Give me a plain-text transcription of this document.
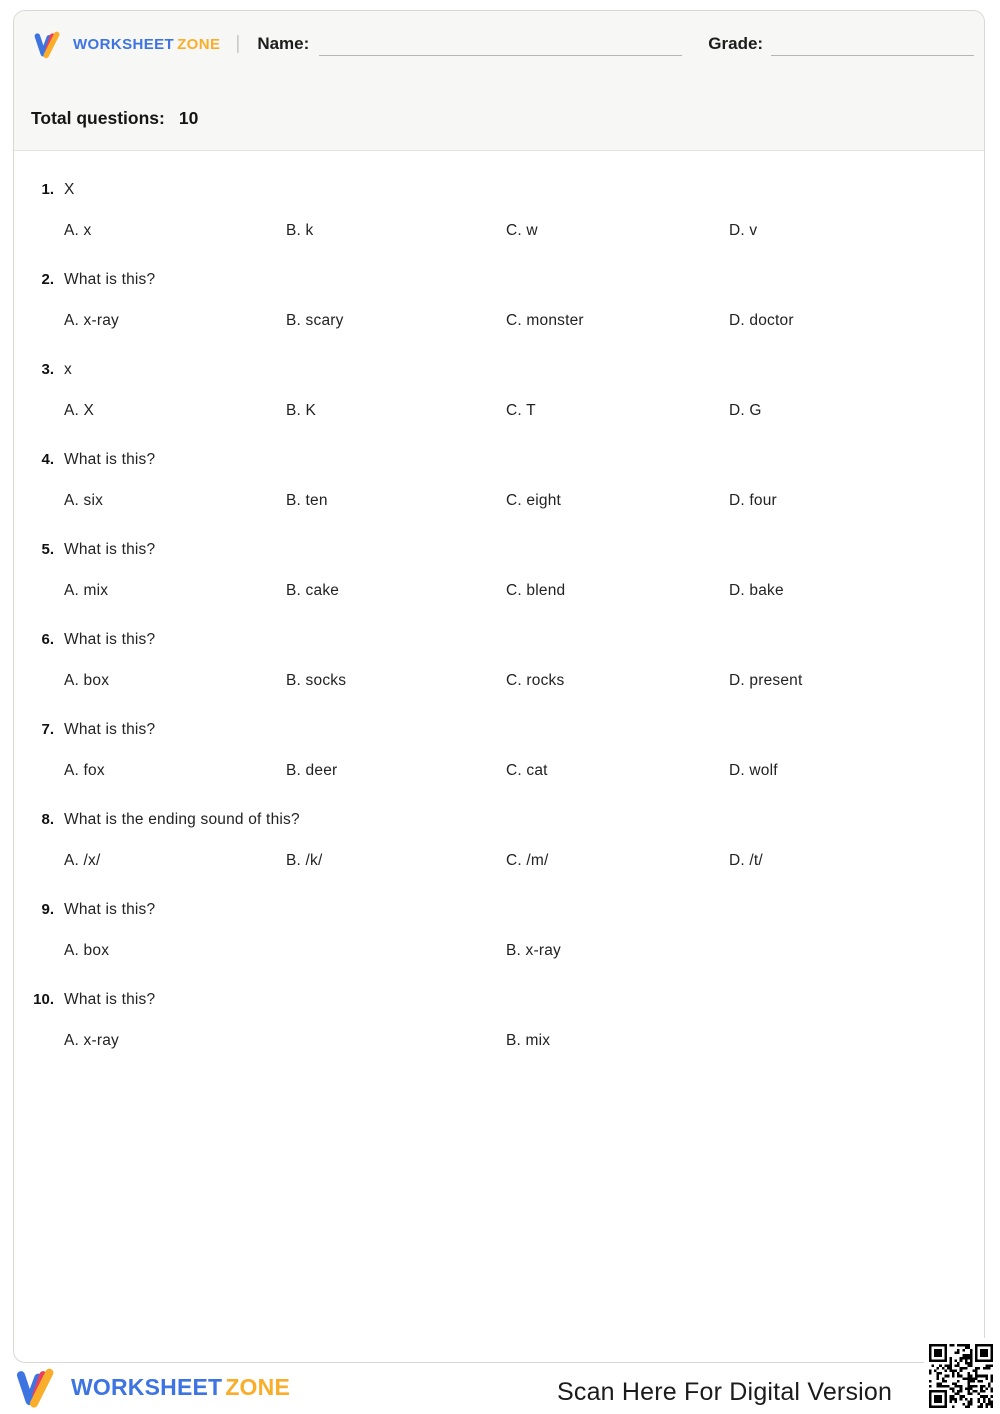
WORKSHEET ZONE | Name:	Grade:
Total questions: 10
1. X
A. x	B. k	C. w	D. v
2. What is this?
A. x-ray	B. scary	C. monster	D. doctor
3. x
A. X	B. K	C. T	D. G
4. What is this?
A. six	B. ten	C. eight	D. four
5. What is this?
A. mix	B. cake	C. blend	D. bake
6. What is this?
A. box	B. socks	C. rocks	D. present
7. What is this?
A. fox	B. deer	C. cat	D. wolf
8. What is the ending sound of this?
A. /x/	B. /k/	C. /m/	D. /t/
9. What is this?
A. box	B. x-ray
10. What is this?
A. x-ray	B. mix
WORKSHEET ZONE	Scan Here For Digital Version
